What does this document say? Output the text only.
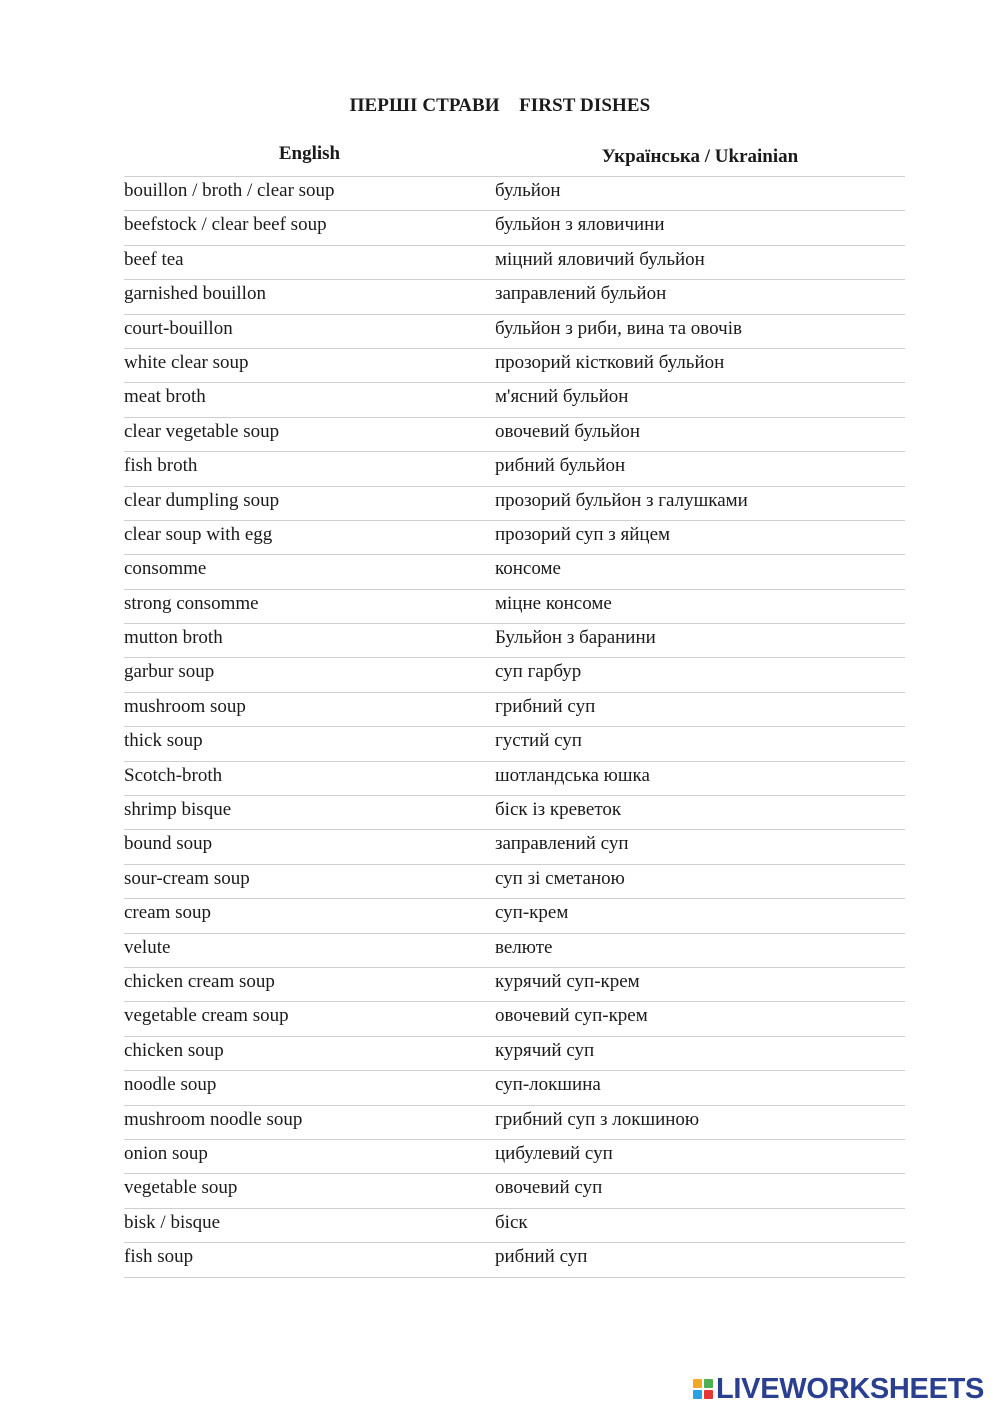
ПЕРШІ СТРАВИ    FIRST DISHES
English	Українська / Ukrainian
bouillon / broth / clear soup	бульйон
beefstock / clear beef soup	бульйон з яловичини
beef tea	міцний яловичий бульйон
garnished bouillon	заправлений бульйон
court-bouillon	бульйон з риби, вина та овочів
white clear soup	прозорий кістковий бульйон
meat broth	м'ясний бульйон
clear vegetable soup	овочевий бульйон
fish broth	рибний бульйон
clear dumpling soup	прозорий бульйон з галушками
clear soup with egg	прозорий суп з яйцем
consomme	консоме
strong consomme	міцне консоме
mutton broth	Бульйон з баранини
garbur soup	суп гарбур
mushroom soup	грибний суп
thick soup	густий суп
Scotch-broth	шотландська юшка
shrimp bisque	біск із креветок
bound soup	заправлений суп
sour-cream soup	суп зі сметаною
cream soup	суп-крем
velute	велюте
chicken cream soup	курячий суп-крем
vegetable cream soup	овочевий суп-крем
chicken soup	курячий суп
noodle soup	суп-локшина
mushroom noodle soup	грибний суп з локшиною
onion soup	цибулевий суп
vegetable soup	овочевий суп
bisk / bisque	біск
fish soup	рибний суп
LIVEWORKSHEETS
